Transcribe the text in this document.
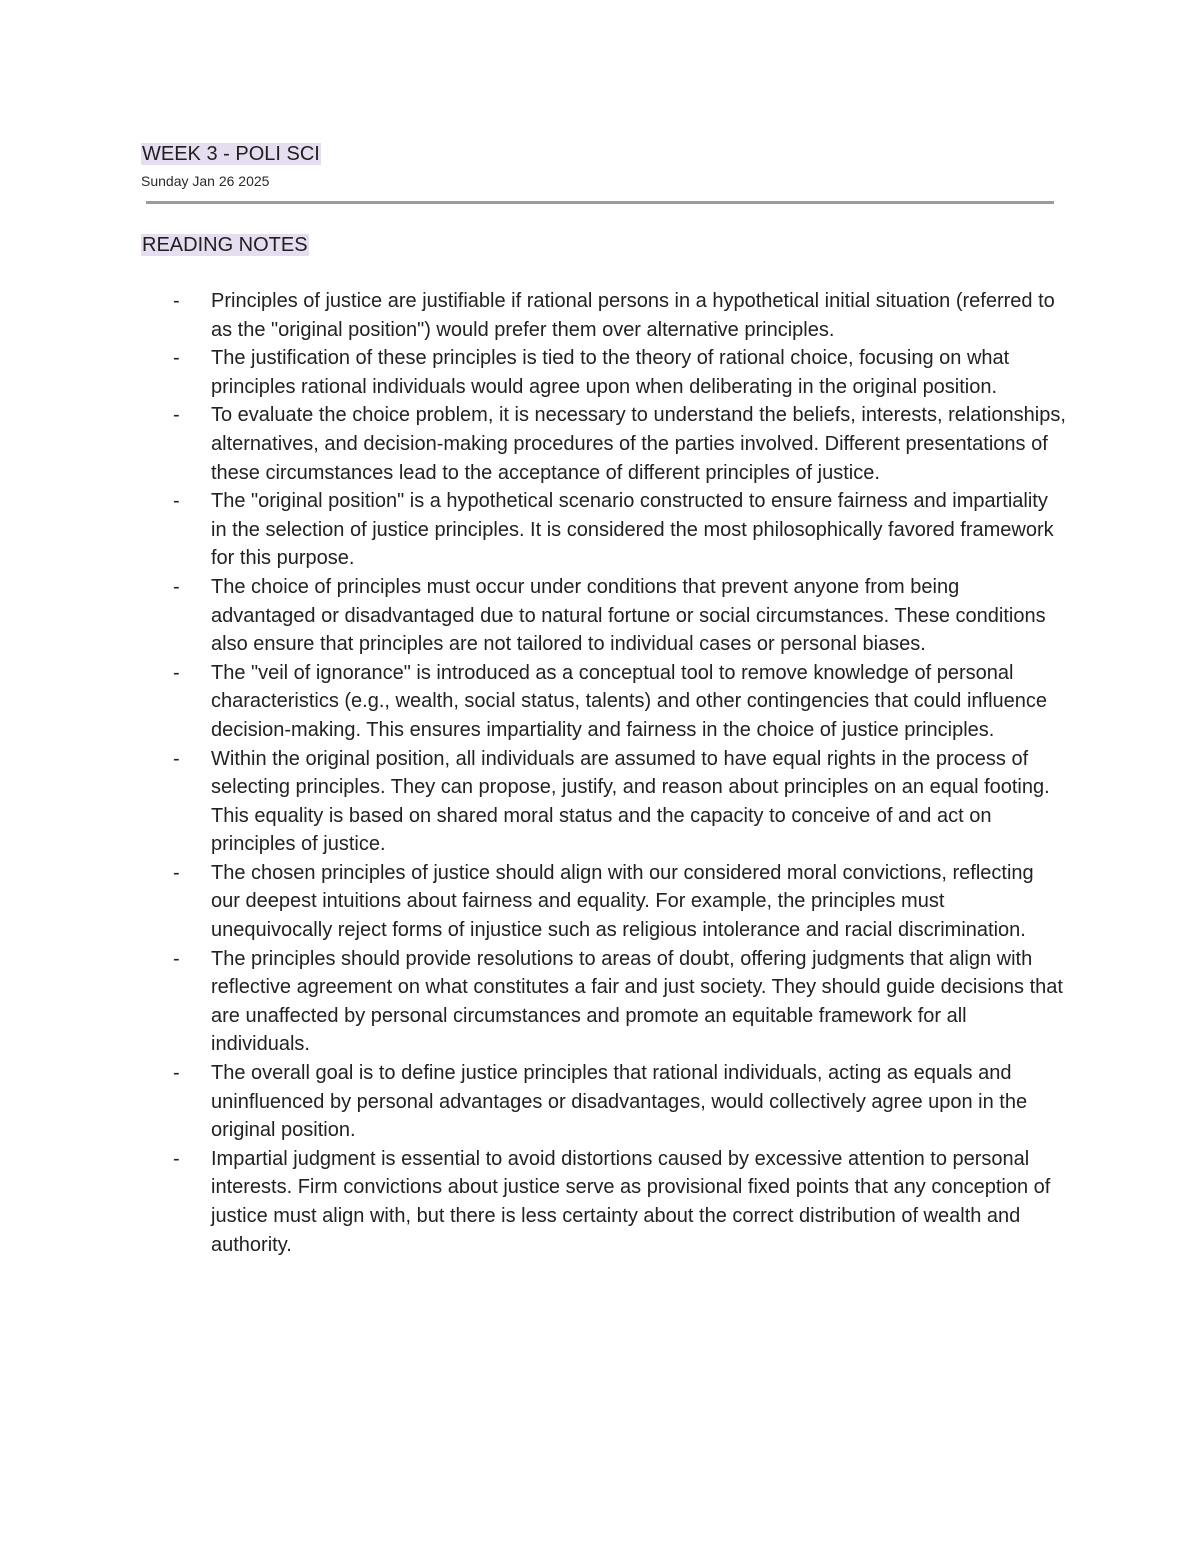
WEEK 3 - POLI SCI
Sunday Jan 26 2025
READING NOTES
-	Principles of justice are justifiable if rational persons in a hypothetical initial situation (referred to as the "original position") would prefer them over alternative principles.
-	The justification of these principles is tied to the theory of rational choice, focusing on what principles rational individuals would agree upon when deliberating in the original position.
-	To evaluate the choice problem, it is necessary to understand the beliefs, interests, relationships, alternatives, and decision-making procedures of the parties involved. Different presentations of these circumstances lead to the acceptance of different principles of justice.
-	The "original position" is a hypothetical scenario constructed to ensure fairness and impartiality in the selection of justice principles. It is considered the most philosophically favored framework for this purpose.
-	The choice of principles must occur under conditions that prevent anyone from being advantaged or disadvantaged due to natural fortune or social circumstances. These conditions also ensure that principles are not tailored to individual cases or personal biases.
-	The "veil of ignorance" is introduced as a conceptual tool to remove knowledge of personal characteristics (e.g., wealth, social status, talents) and other contingencies that could influence decision-making. This ensures impartiality and fairness in the choice of justice principles.
-	Within the original position, all individuals are assumed to have equal rights in the process of selecting principles. They can propose, justify, and reason about principles on an equal footing. This equality is based on shared moral status and the capacity to conceive of and act on principles of justice.
-	The chosen principles of justice should align with our considered moral convictions, reflecting our deepest intuitions about fairness and equality. For example, the principles must unequivocally reject forms of injustice such as religious intolerance and racial discrimination.
-	The principles should provide resolutions to areas of doubt, offering judgments that align with reflective agreement on what constitutes a fair and just society. They should guide decisions that are unaffected by personal circumstances and promote an equitable framework for all individuals.
-	The overall goal is to define justice principles that rational individuals, acting as equals and uninfluenced by personal advantages or disadvantages, would collectively agree upon in the original position.
-	Impartial judgment is essential to avoid distortions caused by excessive attention to personal interests. Firm convictions about justice serve as provisional fixed points that any conception of justice must align with, but there is less certainty about the correct distribution of wealth and authority.
